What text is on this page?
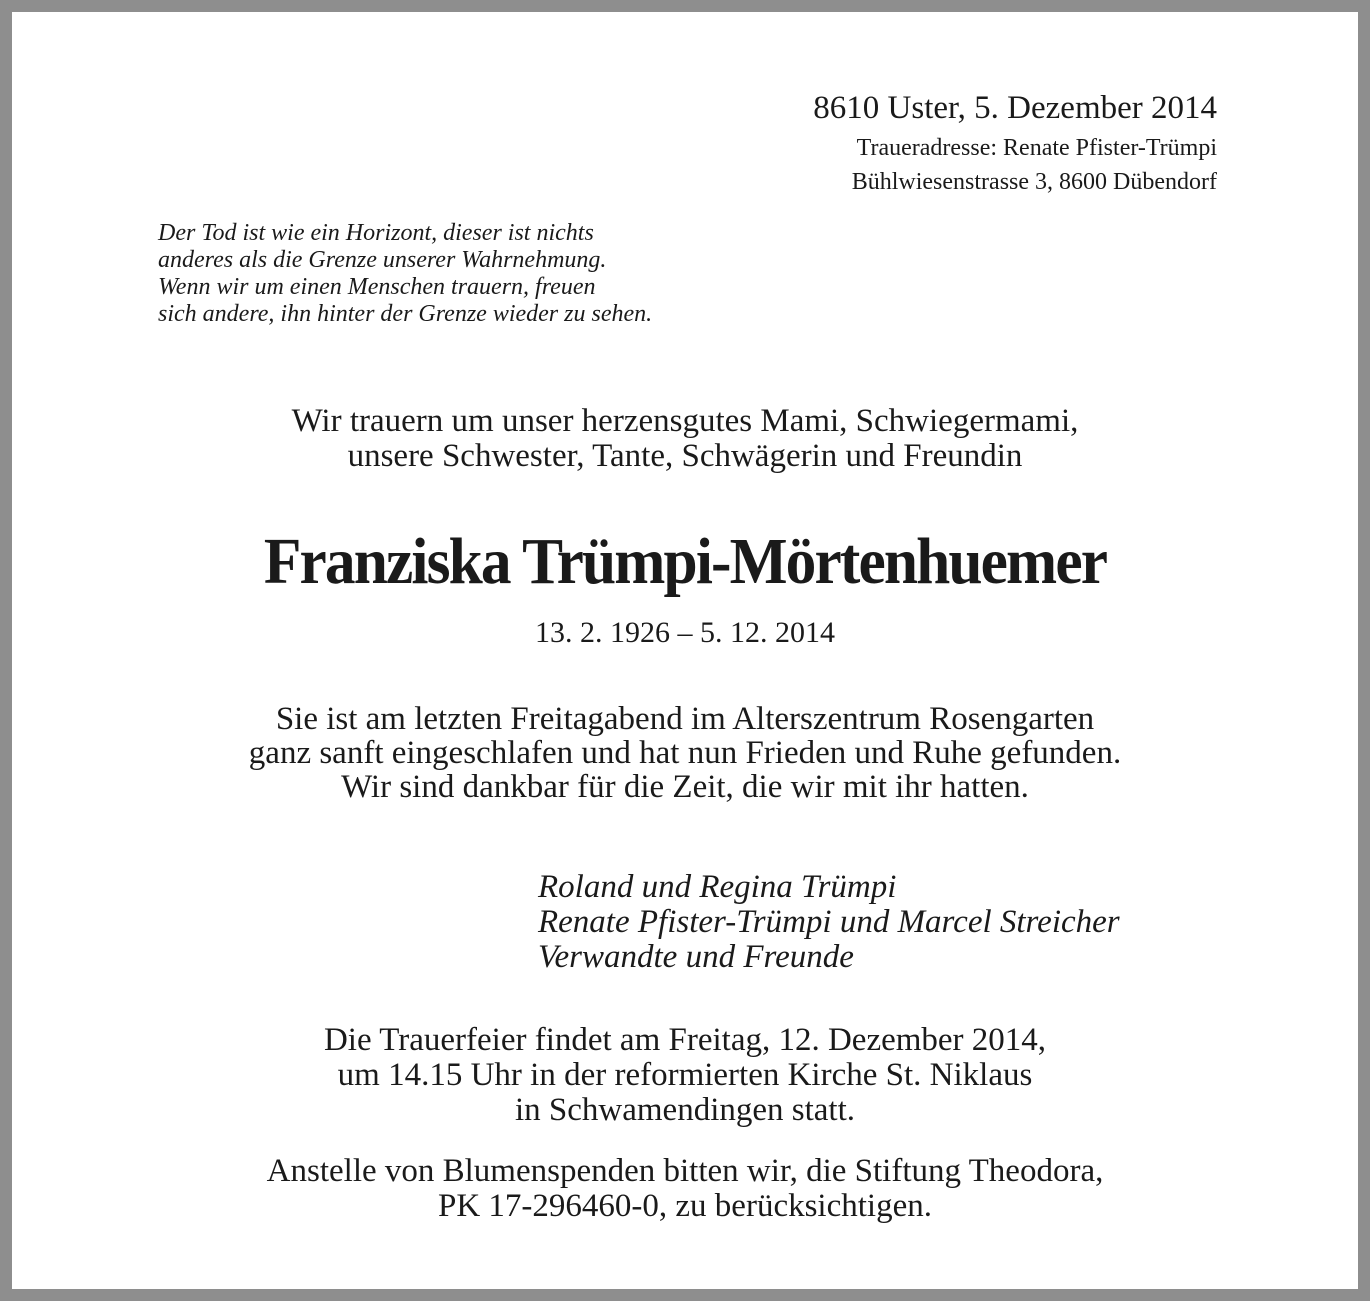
8610 Uster, 5. Dezember 2014
Traueradresse: Renate Pfister-Trümpi
Bühlwiesenstrasse 3, 8600 Dübendorf
Der Tod ist wie ein Horizont, dieser ist nichts
anderes als die Grenze unserer Wahrnehmung.
Wenn wir um einen Menschen trauern, freuen
sich andere, ihn hinter der Grenze wieder zu sehen.
Wir trauern um unser herzensgutes Mami, Schwiegermami,
unsere Schwester, Tante, Schwägerin und Freundin
Franziska Trümpi-Mörtenhuemer
13. 2. 1926 – 5. 12. 2014
Sie ist am letzten Freitagabend im Alterszentrum Rosengarten
ganz sanft eingeschlafen und hat nun Frieden und Ruhe gefunden.
Wir sind dankbar für die Zeit, die wir mit ihr hatten.
Roland und Regina Trümpi
Renate Pfister-Trümpi und Marcel Streicher
Verwandte und Freunde
Die Trauerfeier findet am Freitag, 12. Dezember 2014,
um 14.15 Uhr in der reformierten Kirche St. Niklaus
in Schwamendingen statt.
Anstelle von Blumenspenden bitten wir, die Stiftung Theodora,
PK 17-296460-0, zu berücksichtigen.
